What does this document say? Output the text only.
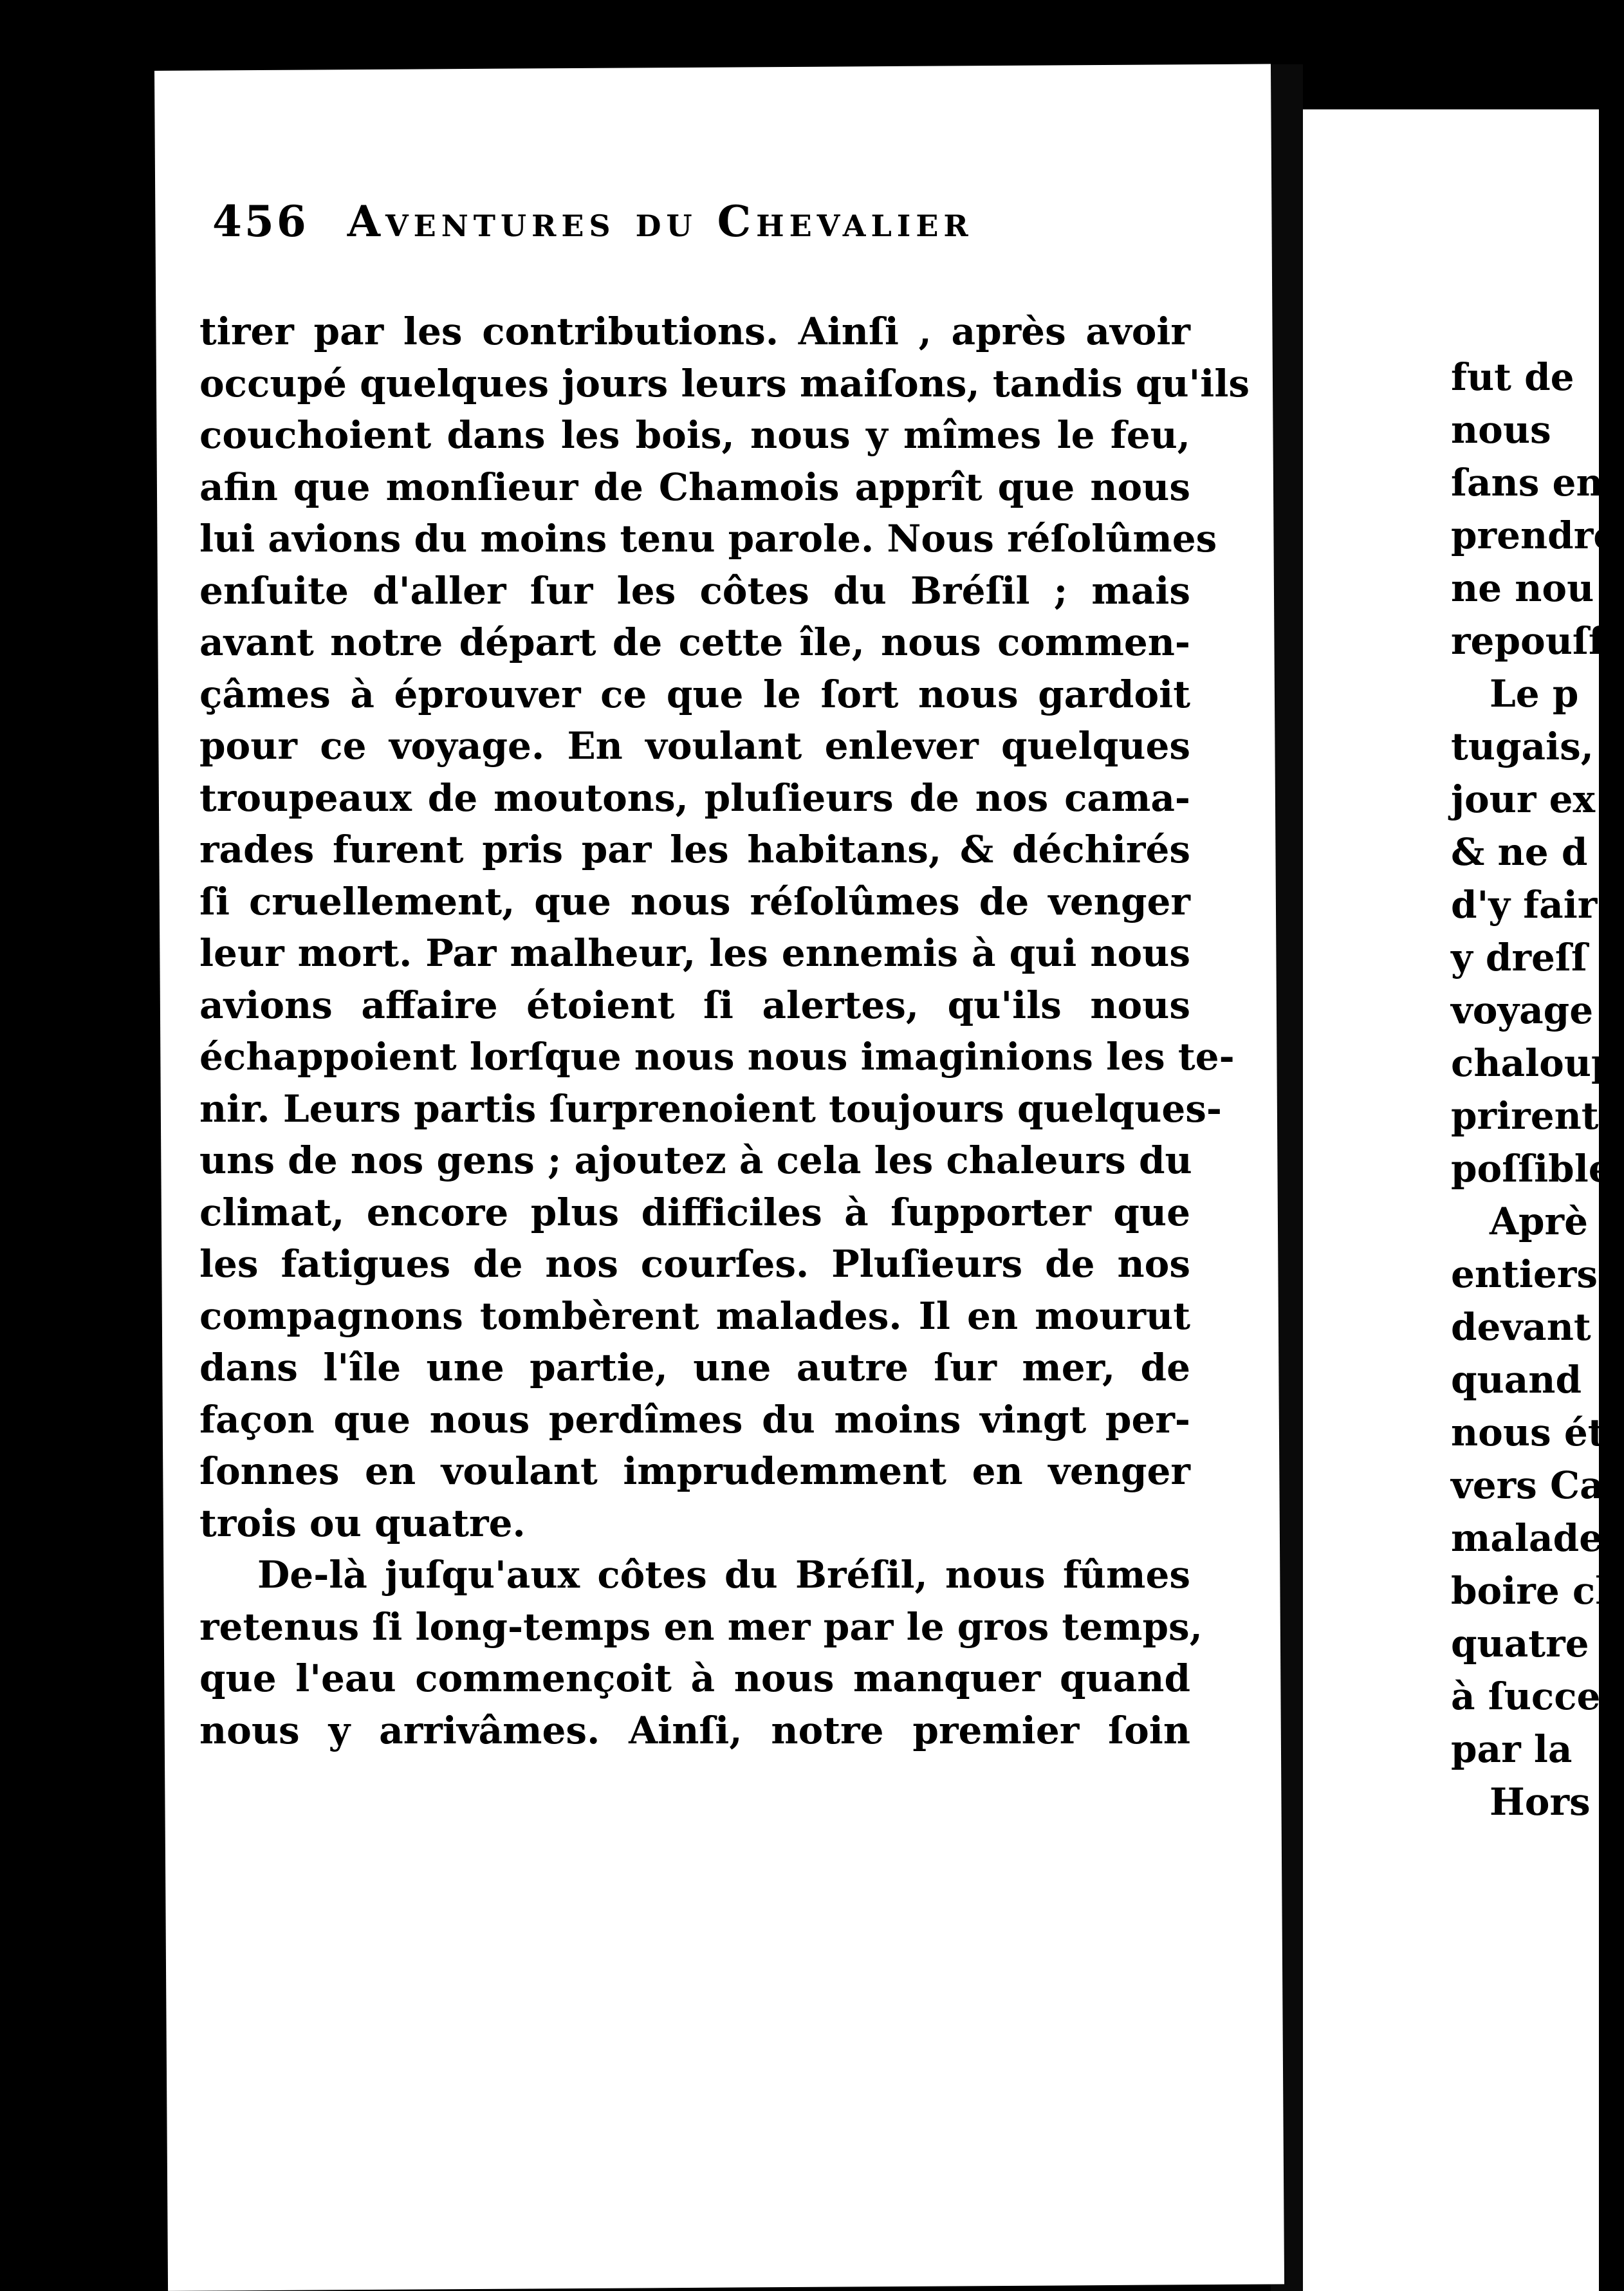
456 Aventures du Chevalier
tirer par les contributions. Ainſi , après avoir
occupé quelques jours leurs maiſons, tandis qu'ils
couchoient dans les bois, nous y mîmes le feu,
afin que monſieur de Chamois apprît que nous
lui avions du moins tenu parole. Nous réſolûmes
enſuite d'aller ſur les côtes du Bréſil ; mais
avant notre départ de cette île, nous commen-
çâmes à éprouver ce que le ſort nous gardoit
pour ce voyage. En voulant enlever quelques
troupeaux de moutons, pluſieurs de nos cama-
rades furent pris par les habitans, & déchirés
ſi cruellement, que nous réſolûmes de venger
leur mort. Par malheur, les ennemis à qui nous
avions affaire étoient ſi alertes, qu'ils nous
échappoient lorſque nous nous imaginions les te-
nir. Leurs partis ſurprenoient toujours quelques-
uns de nos gens ; ajoutez à cela les chaleurs du
climat, encore plus difficiles à ſupporter que
les fatigues de nos courſes. Pluſieurs de nos
compagnons tombèrent malades. Il en mourut
dans l'île une partie, une autre ſur mer, de
façon que nous perdîmes du moins vingt per-
ſonnes en voulant imprudemment en venger
trois ou quatre.
De-là juſqu'aux côtes du Bréſil, nous fûmes
retenus ſi long-temps en mer par le gros temps,
que l'eau commençoit à nous manquer quand
nous y arrivâmes. Ainſi, notre premier ſoin
fut de
nous
ſans en
prendre
ne nou
repouſſ
Le p
tugais,
jour ex
& ne d
d'y fair
y dreſſ
voyage
chaloup
prirent,
poſſible
Aprè
entiers
devant
quand
nous éti
vers Ca
malades
boire ch
quatre
à ſuccer
par la
Hors
